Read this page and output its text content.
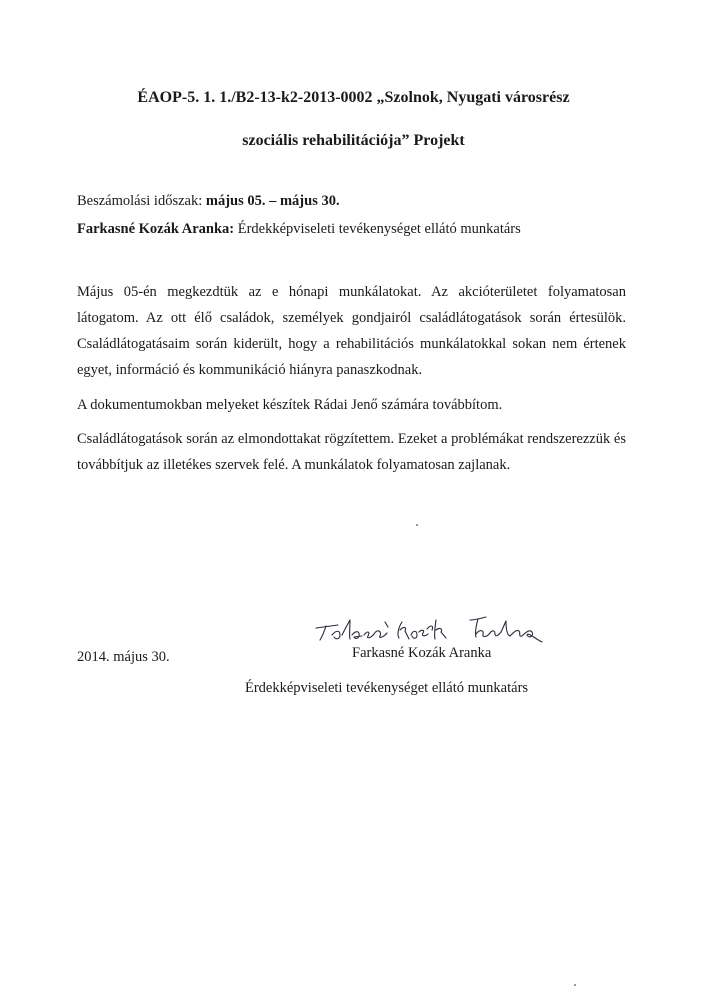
ÉAOP-5. 1. 1./B2-13-k2-2013-0002 „Szolnok, Nyugati városrész
szociális rehabilitációja” Projekt
Beszámolási időszak: május 05. – május 30.
Farkasné Kozák Aranka: Érdekképviseleti tevékenységet ellátó munkatárs
Május 05-én megkezdtük az e hónapi munkálatokat. Az akcióterületet folyamatosan látogatom. Az ott élő családok, személyek gondjairól családlátogatások során értesülök. Családlátogatásaim során kiderült, hogy a rehabilitációs munkálatokkal sokan nem értenek egyet, információ és kommunikáció hiányra panaszkodnak.
A dokumentumokban melyeket készítek Rádai Jenő számára továbbítom.
Családlátogatások során az elmondottakat rögzítettem. Ezeket a problémákat rendszerezzük és továbbítjuk az illetékes szervek felé. A munkálatok folyamatosan zajlanak.
2014. május 30.	Farkasné Kozák Aranka
Érdekképviseleti tevékenységet ellátó munkatárs
